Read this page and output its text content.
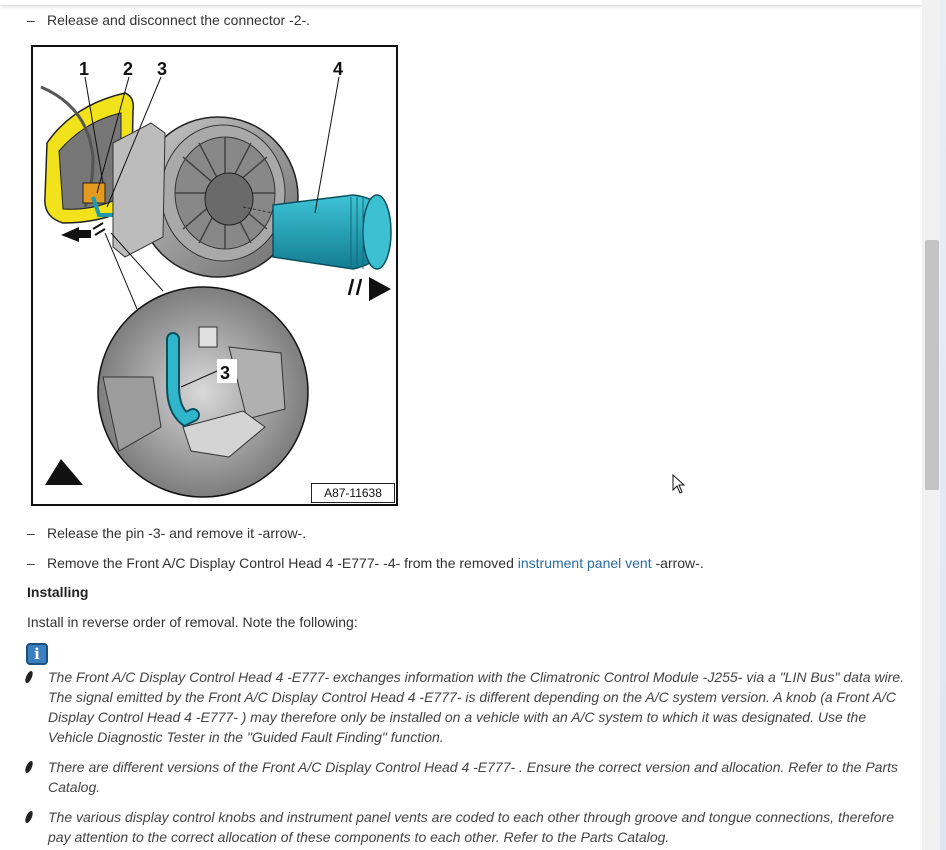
– Release and disconnect the connector -2-.
1 2 3	4
3
A87-11638
– Release the pin -3- and remove it -arrow-.
– Remove the Front A/C Display Control Head 4 -E777- -4- from the removed instrument panel vent -arrow-.
Installing
Install in reverse order of removal. Note the following:
i
The Front A/C Display Control Head 4 -E777- exchanges information with the Climatronic Control Module -J255- via a "LIN Bus" data wire. The signal emitted by the Front A/C Display Control Head 4 -E777- is different depending on the A/C system version. A knob (a Front A/C Display Control Head 4 -E777- ) may therefore only be installed on a vehicle with an A/C system to which it was designated. Use the Vehicle Diagnostic Tester in the "Guided Fault Finding" function.
There are different versions of the Front A/C Display Control Head 4 -E777- . Ensure the correct version and allocation. Refer to the Parts Catalog.
The various display control knobs and instrument panel vents are coded to each other through groove and tongue connections, therefore pay attention to the correct allocation of these components to each other. Refer to the Parts Catalog.
